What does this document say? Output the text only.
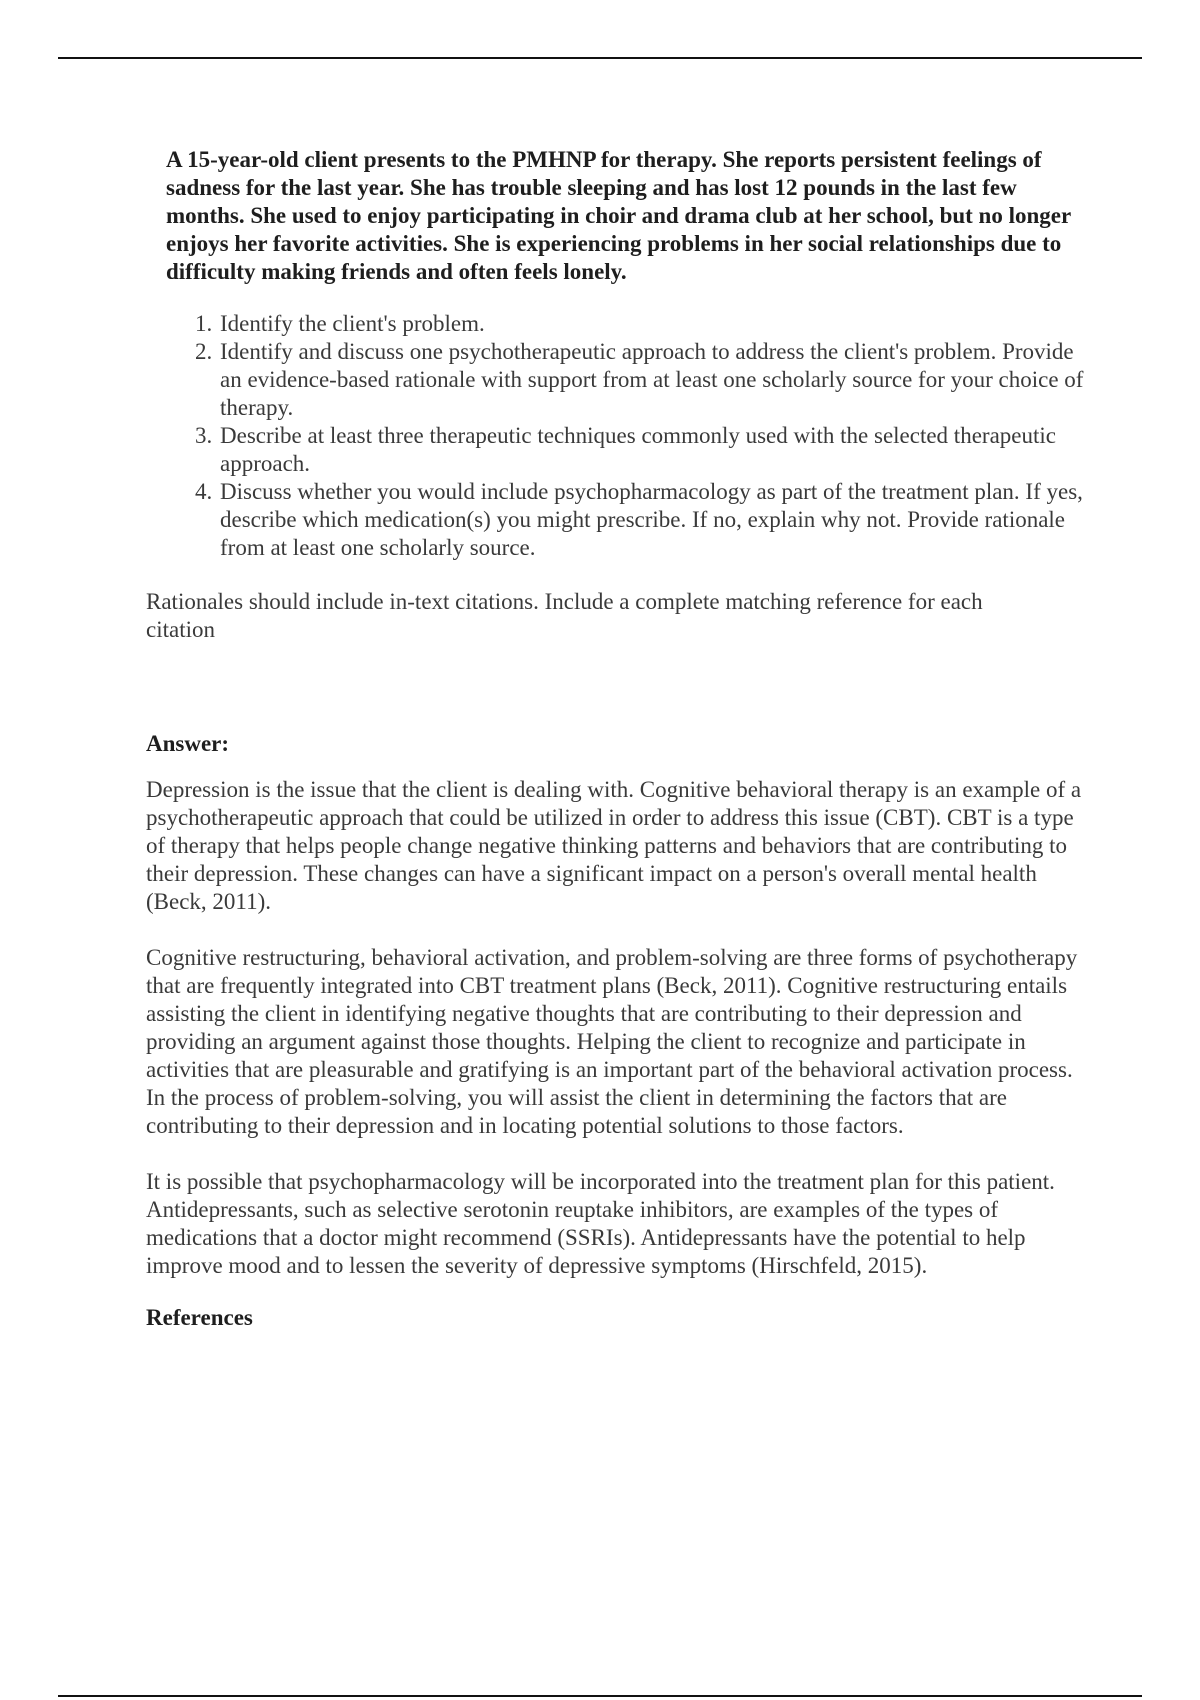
A 15-year-old client presents to the PMHNP for therapy. She reports persistent feelings of sadness for the last year. She has trouble sleeping and has lost 12 pounds in the last few months. She used to enjoy participating in choir and drama club at her school, but no longer enjoys her favorite activities. She is experiencing problems in her social relationships due to difficulty making friends and often feels lonely.

1. Identify the client's problem.
2. Identify and discuss one psychotherapeutic approach to address the client's problem. Provide an evidence-based rationale with support from at least one scholarly source for your choice of therapy.
3. Describe at least three therapeutic techniques commonly used with the selected therapeutic approach.
4. Discuss whether you would include psychopharmacology as part of the treatment plan. If yes, describe which medication(s) you might prescribe. If no, explain why not. Provide rationale from at least one scholarly source.

Rationales should include in-text citations. Include a complete matching reference for each citation

Answer:

Depression is the issue that the client is dealing with. Cognitive behavioral therapy is an example of a psychotherapeutic approach that could be utilized in order to address this issue (CBT). CBT is a type of therapy that helps people change negative thinking patterns and behaviors that are contributing to their depression. These changes can have a significant impact on a person's overall mental health (Beck, 2011).

Cognitive restructuring, behavioral activation, and problem-solving are three forms of psychotherapy that are frequently integrated into CBT treatment plans (Beck, 2011). Cognitive restructuring entails assisting the client in identifying negative thoughts that are contributing to their depression and providing an argument against those thoughts. Helping the client to recognize and participate in activities that are pleasurable and gratifying is an important part of the behavioral activation process. In the process of problem-solving, you will assist the client in determining the factors that are contributing to their depression and in locating potential solutions to those factors.

It is possible that psychopharmacology will be incorporated into the treatment plan for this patient. Antidepressants, such as selective serotonin reuptake inhibitors, are examples of the types of medications that a doctor might recommend (SSRIs). Antidepressants have the potential to help improve mood and to lessen the severity of depressive symptoms (Hirschfeld, 2015).

References
